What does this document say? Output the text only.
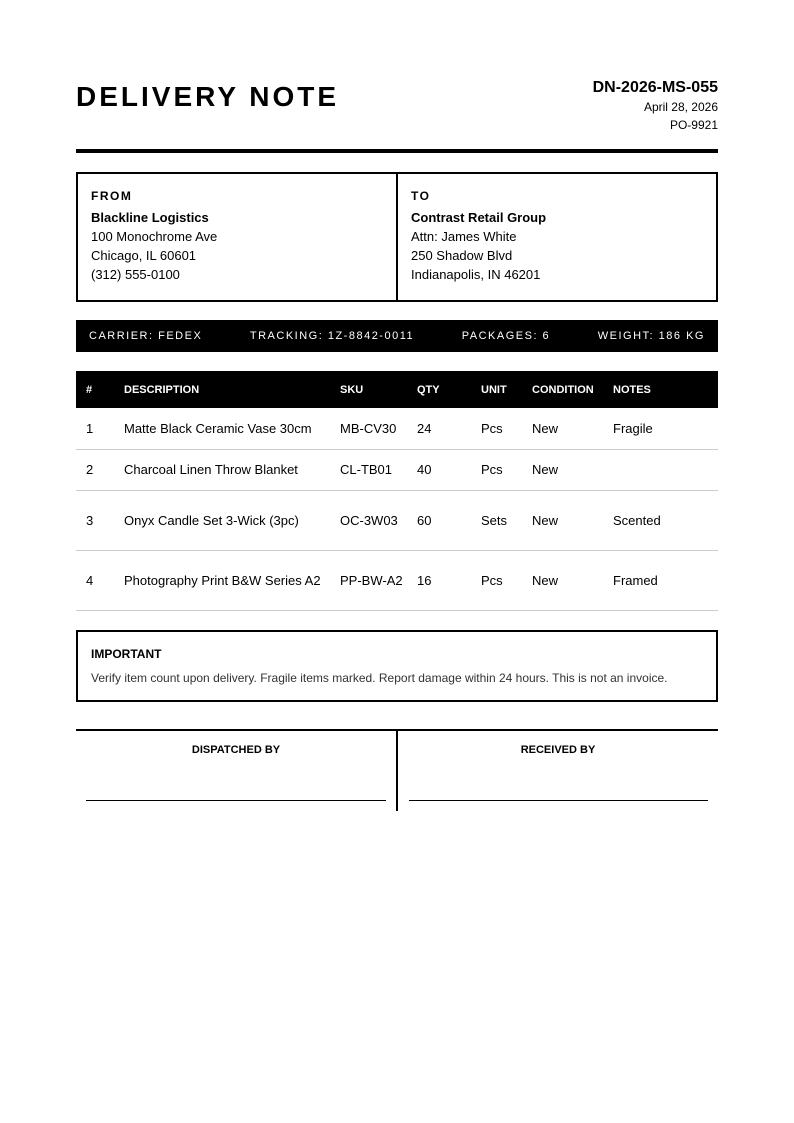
DELIVERY NOTE	DN-2026-MS-055
April 28, 2026
PO-9921
FROM
Blackline Logistics
100 Monochrome Ave
Chicago, IL 60601
(312) 555-0100
TO
Contrast Retail Group
Attn: James White
250 Shadow Blvd
Indianapolis, IN 46201
CARRIER: FEDEX	TRACKING: 1Z-8842-0011	PACKAGES: 6	WEIGHT: 186 KG
#	DESCRIPTION	SKU	QTY	UNIT	CONDITION	NOTES
1	Matte Black Ceramic Vase 30cm	MB-CV30	24	Pcs	New	Fragile
2	Charcoal Linen Throw Blanket	CL-TB01	40	Pcs	New	
3	Onyx Candle Set 3-Wick (3pc)	OC-3W03	60	Sets	New	Scented
4	Photography Print B&W Series A2	PP-BW-A2	16	Pcs	New	Framed
IMPORTANT
Verify item count upon delivery. Fragile items marked. Report damage within 24 hours. This is not an invoice.
DISPATCHED BY	RECEIVED BY
